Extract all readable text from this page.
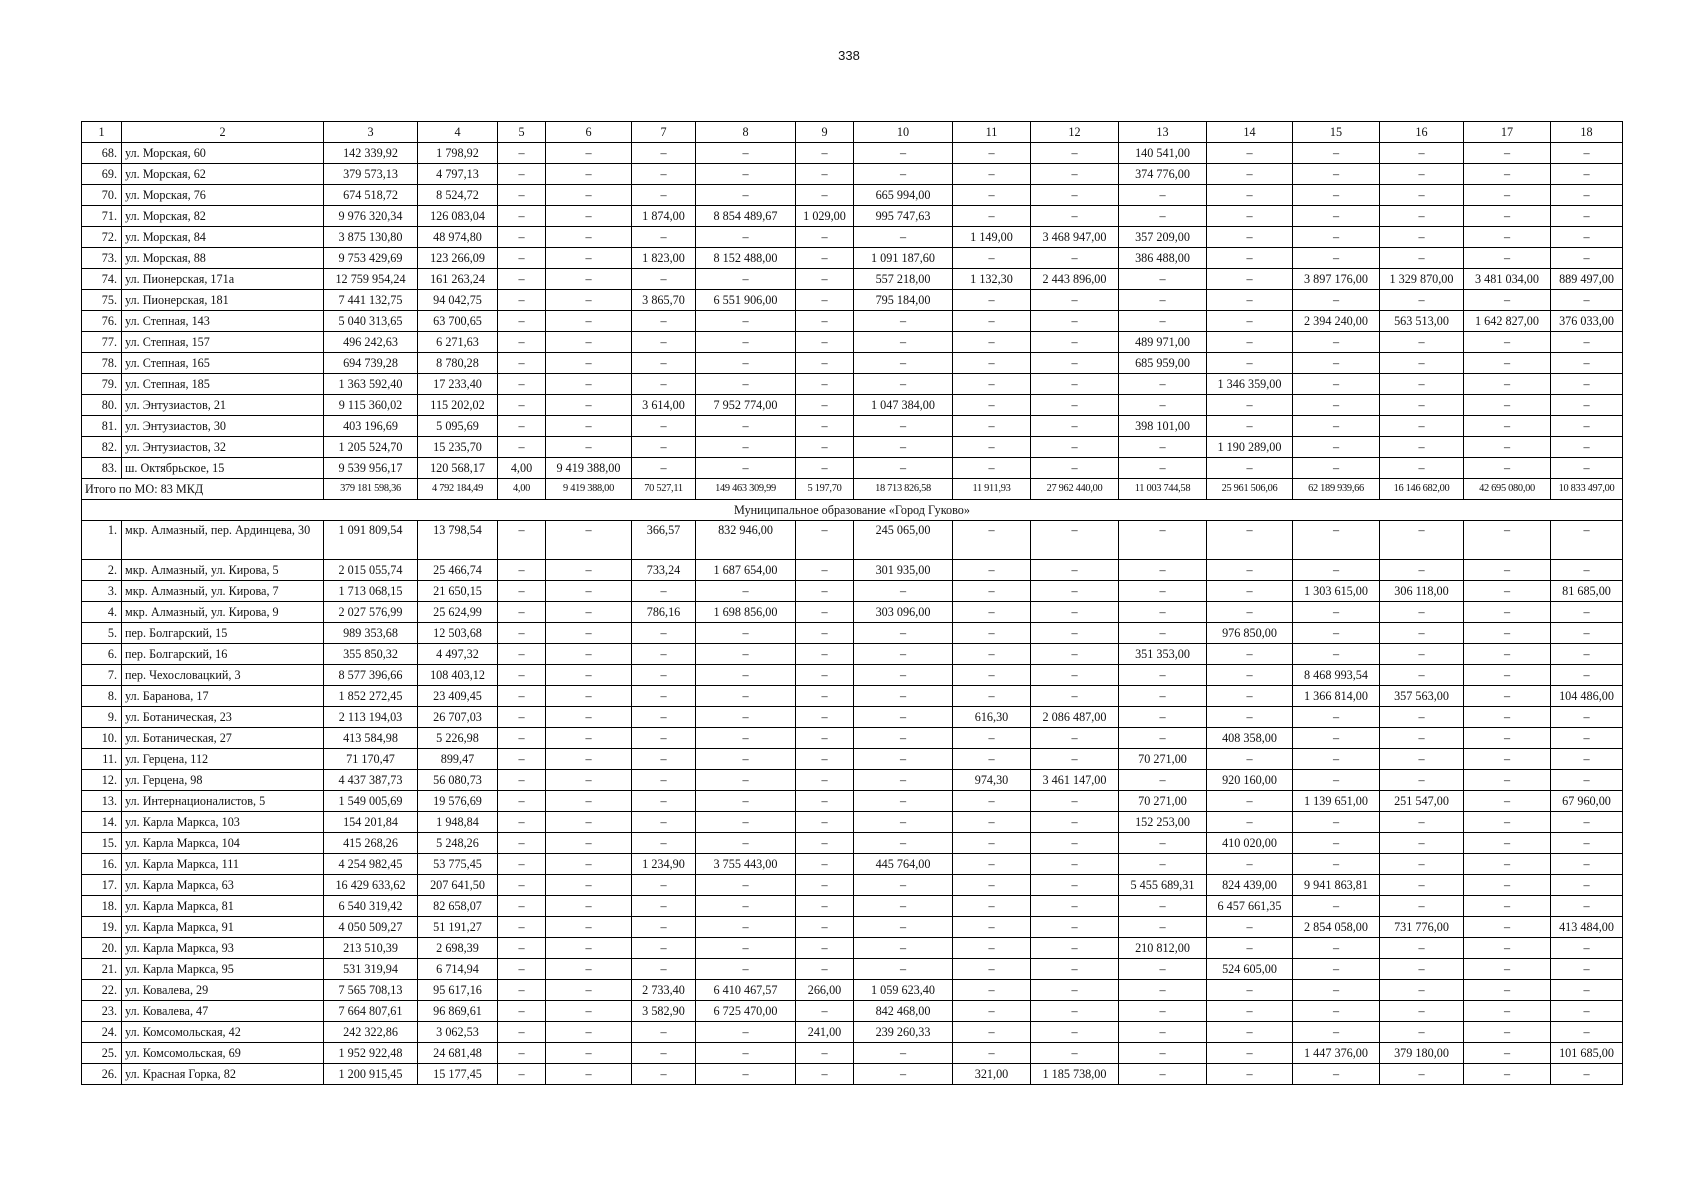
338
1	2	3	4	5	6	7	8	9	10	11	12	13	14	15	16	17	18
68.	ул. Морская, 60	142 339,92	1 798,92	–	–	–	–	–	–	–	–	140 541,00	–	–	–	–	–
69.	ул. Морская, 62	379 573,13	4 797,13	–	–	–	–	–	–	–	–	374 776,00	–	–	–	–	–
70.	ул. Морская, 76	674 518,72	8 524,72	–	–	–	–	–	665 994,00	–	–	–	–	–	–	–	–
71.	ул. Морская, 82	9 976 320,34	126 083,04	–	–	1 874,00	8 854 489,67	1 029,00	995 747,63	–	–	–	–	–	–	–	–
72.	ул. Морская, 84	3 875 130,80	48 974,80	–	–	–	–	–	–	1 149,00	3 468 947,00	357 209,00	–	–	–	–	–
73.	ул. Морская, 88	9 753 429,69	123 266,09	–	–	1 823,00	8 152 488,00	–	1 091 187,60	–	–	386 488,00	–	–	–	–	–
74.	ул. Пионерская, 171а	12 759 954,24	161 263,24	–	–	–	–	–	557 218,00	1 132,30	2 443 896,00	–	–	3 897 176,00	1 329 870,00	3 481 034,00	889 497,00
75.	ул. Пионерская, 181	7 441 132,75	94 042,75	–	–	3 865,70	6 551 906,00	–	795 184,00	–	–	–	–	–	–	–	–
76.	ул. Степная, 143	5 040 313,65	63 700,65	–	–	–	–	–	–	–	–	–	–	2 394 240,00	563 513,00	1 642 827,00	376 033,00
77.	ул. Степная, 157	496 242,63	6 271,63	–	–	–	–	–	–	–	–	489 971,00	–	–	–	–	–
78.	ул. Степная, 165	694 739,28	8 780,28	–	–	–	–	–	–	–	–	685 959,00	–	–	–	–	–
79.	ул. Степная, 185	1 363 592,40	17 233,40	–	–	–	–	–	–	–	–	–	1 346 359,00	–	–	–	–
80.	ул. Энтузиастов, 21	9 115 360,02	115 202,02	–	–	3 614,00	7 952 774,00	–	1 047 384,00	–	–	–	–	–	–	–	–
81.	ул. Энтузиастов, 30	403 196,69	5 095,69	–	–	–	–	–	–	–	–	398 101,00	–	–	–	–	–
82.	ул. Энтузиастов, 32	1 205 524,70	15 235,70	–	–	–	–	–	–	–	–	–	1 190 289,00	–	–	–	–
83.	ш. Октябрьское, 15	9 539 956,17	120 568,17	4,00	9 419 388,00	–	–	–	–	–	–	–	–	–	–	–	–
Итого по МО: 83 МКД		379 181 598,36	4 792 184,49	4,00	9 419 388,00	70 527,11	149 463 309,99	5 197,70	18 713 826,58	11 911,93	27 962 440,00	11 003 744,58	25 961 506,06	62 189 939,66	16 146 682,00	42 695 080,00	10 833 497,00
Муниципальное образование «Город Гуково»																	
1.	мкр. Алмазный, пер. Ардинцева, 30	1 091 809,54	13 798,54	–	–	366,57	832 946,00	–	245 065,00	–	–	–	–	–	–	–	–
2.	мкр. Алмазный, ул. Кирова, 5	2 015 055,74	25 466,74	–	–	733,24	1 687 654,00	–	301 935,00	–	–	–	–	–	–	–	–
3.	мкр. Алмазный, ул. Кирова, 7	1 713 068,15	21 650,15	–	–	–	–	–	–	–	–	–	–	1 303 615,00	306 118,00	–	81 685,00
4.	мкр. Алмазный, ул. Кирова, 9	2 027 576,99	25 624,99	–	–	786,16	1 698 856,00	–	303 096,00	–	–	–	–	–	–	–	–
5.	пер. Болгарский, 15	989 353,68	12 503,68	–	–	–	–	–	–	–	–	–	976 850,00	–	–	–	–
6.	пер. Болгарский, 16	355 850,32	4 497,32	–	–	–	–	–	–	–	–	351 353,00	–	–	–	–	–
7.	пер. Чехословацкий, 3	8 577 396,66	108 403,12	–	–	–	–	–	–	–	–	–	–	8 468 993,54	–	–	–
8.	ул. Баранова, 17	1 852 272,45	23 409,45	–	–	–	–	–	–	–	–	–	–	1 366 814,00	357 563,00	–	104 486,00
9.	ул. Ботаническая, 23	2 113 194,03	26 707,03	–	–	–	–	–	–	616,30	2 086 487,00	–	–	–	–	–	–
10.	ул. Ботаническая, 27	413 584,98	5 226,98	–	–	–	–	–	–	–	–	–	408 358,00	–	–	–	–
11.	ул. Герцена, 112	71 170,47	899,47	–	–	–	–	–	–	–	–	70 271,00	–	–	–	–	–
12.	ул. Герцена, 98	4 437 387,73	56 080,73	–	–	–	–	–	–	974,30	3 461 147,00	–	920 160,00	–	–	–	–
13.	ул. Интернационалистов, 5	1 549 005,69	19 576,69	–	–	–	–	–	–	–	–	70 271,00	–	1 139 651,00	251 547,00	–	67 960,00
14.	ул. Карла Маркса, 103	154 201,84	1 948,84	–	–	–	–	–	–	–	–	152 253,00	–	–	–	–	–
15.	ул. Карла Маркса, 104	415 268,26	5 248,26	–	–	–	–	–	–	–	–	–	410 020,00	–	–	–	–
16.	ул. Карла Маркса, 111	4 254 982,45	53 775,45	–	–	1 234,90	3 755 443,00	–	445 764,00	–	–	–	–	–	–	–	–
17.	ул. Карла Маркса, 63	16 429 633,62	207 641,50	–	–	–	–	–	–	–	–	5 455 689,31	824 439,00	9 941 863,81	–	–	–
18.	ул. Карла Маркса, 81	6 540 319,42	82 658,07	–	–	–	–	–	–	–	–	–	6 457 661,35	–	–	–	–
19.	ул. Карла Маркса, 91	4 050 509,27	51 191,27	–	–	–	–	–	–	–	–	–	–	2 854 058,00	731 776,00	–	413 484,00
20.	ул. Карла Маркса, 93	213 510,39	2 698,39	–	–	–	–	–	–	–	–	210 812,00	–	–	–	–	–
21.	ул. Карла Маркса, 95	531 319,94	6 714,94	–	–	–	–	–	–	–	–	–	524 605,00	–	–	–	–
22.	ул. Ковалева, 29	7 565 708,13	95 617,16	–	–	2 733,40	6 410 467,57	266,00	1 059 623,40	–	–	–	–	–	–	–	–
23.	ул. Ковалева, 47	7 664 807,61	96 869,61	–	–	3 582,90	6 725 470,00	–	842 468,00	–	–	–	–	–	–	–	–
24.	ул. Комсомольская, 42	242 322,86	3 062,53	–	–	–	–	241,00	239 260,33	–	–	–	–	–	–	–	–
25.	ул. Комсомольская, 69	1 952 922,48	24 681,48	–	–	–	–	–	–	–	–	–	–	1 447 376,00	379 180,00	–	101 685,00
26.	ул. Красная Горка, 82	1 200 915,45	15 177,45	–	–	–	–	–	–	321,00	1 185 738,00	–	–	–	–	–	–
